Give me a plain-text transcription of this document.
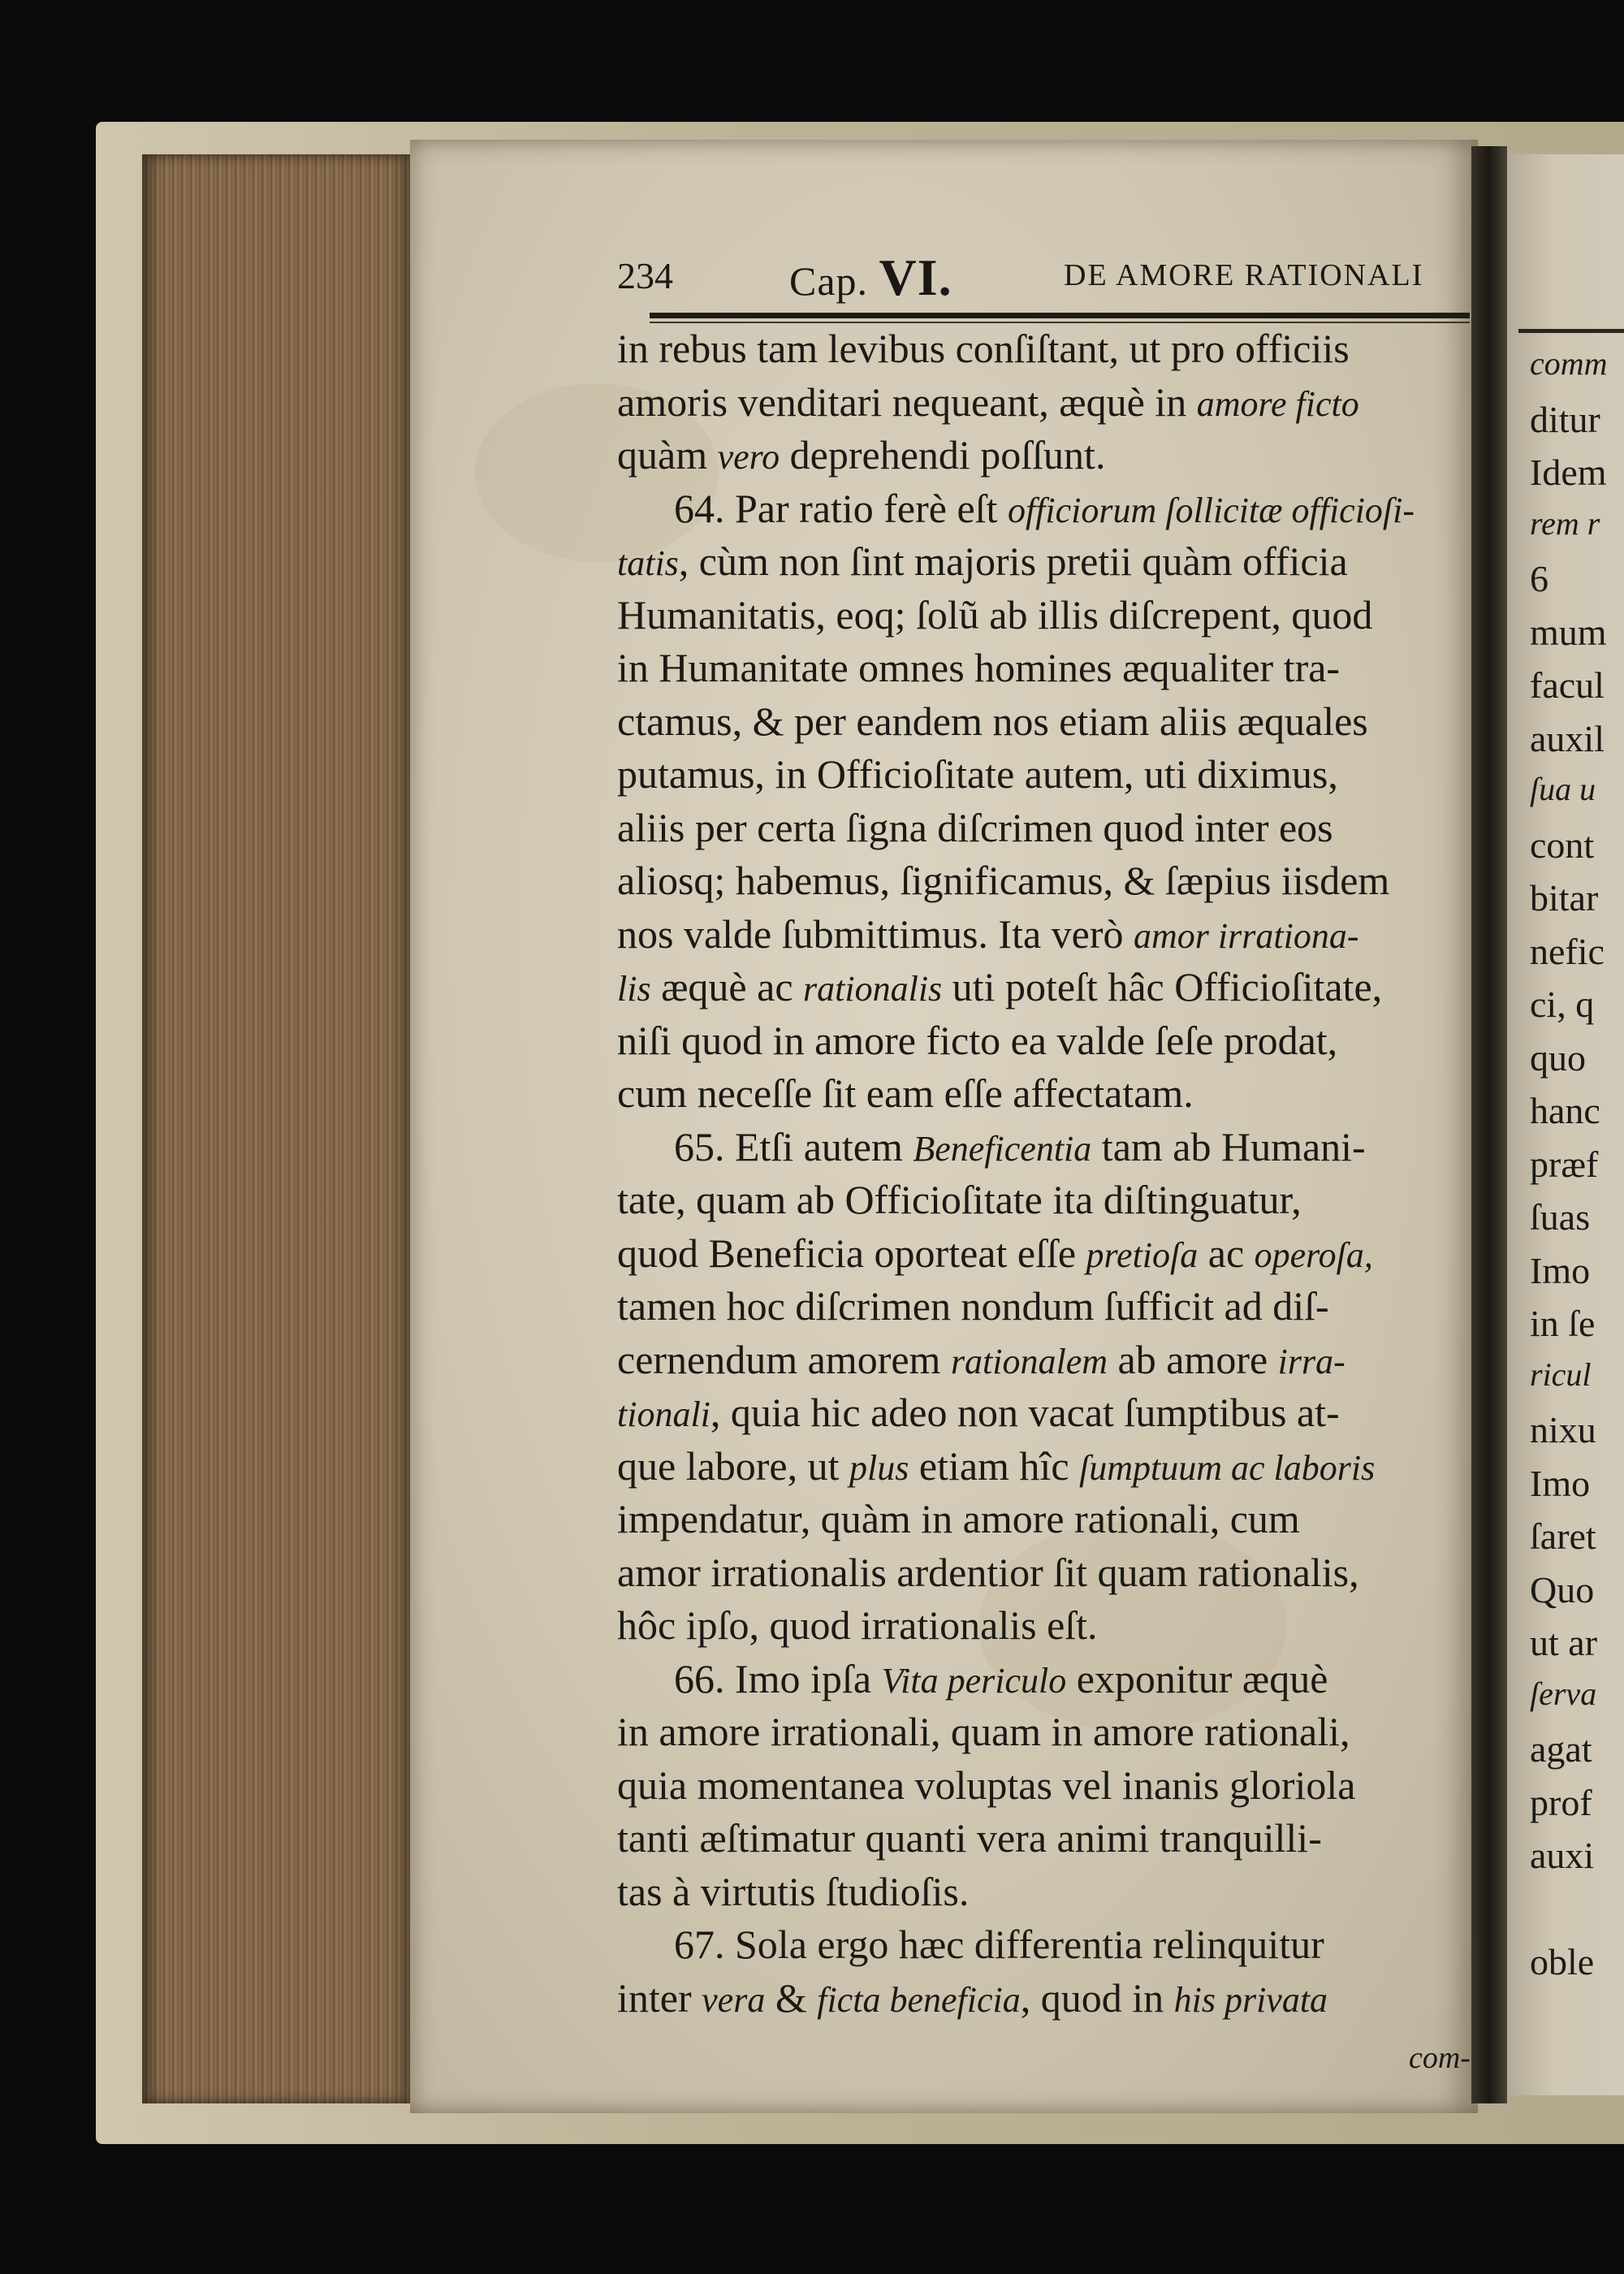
comm
ditur
Idem
rem r
6
mum
facul
auxil
ſua u
cont
bitar
nefic
ci, q
quo
hanc
præf
ſuas
Imo
in ſe
ricul
nixu
Imo
ſaret
Quo
ut ar
ſerva
agat
prof
auxi
oble
234	Cap. VI.	DE AMORE RATIONALI
in rebus tam levibus conſiſtant, ut pro officiis
amoris venditari nequeant, æquè in amore ficto
quàm vero deprehendi poſſunt.
64. Par ratio ferè eſt officiorum ſollicitæ officioſi-
tatis, cùm non ſint majoris pretii quàm officia
Humanitatis, eoq; ſolũ ab illis diſcrepent, quod
in Humanitate omnes homines æqualiter tra-
ctamus, & per eandem nos etiam aliis æquales
putamus, in Officioſitate autem, uti diximus,
aliis per certa ſigna diſcrimen quod inter eos
aliosq; habemus, ſignificamus, & ſæpius iisdem
nos valde ſubmittimus. Ita verò amor irrationa-
lis æquè ac rationalis uti poteſt hâc Officioſitate,
niſi quod in amore ficto ea valde ſeſe prodat,
cum neceſſe ſit eam eſſe affectatam.
65. Etſi autem Beneficentia tam ab Humani-
tate, quam ab Officioſitate ita diſtinguatur,
quod Beneficia oporteat eſſe pretioſa ac operoſa,
tamen hoc diſcrimen nondum ſufficit ad diſ-
cernendum amorem rationalem ab amore irra-
tionali, quia hic adeo non vacat ſumptibus at-
que labore, ut plus etiam hîc ſumptuum ac laboris
impendatur, quàm in amore rationali, cum
amor irrationalis ardentior ſit quam rationalis,
hôc ipſo, quod irrationalis eſt.
66. Imo ipſa Vita periculo exponitur æquè
in amore irrationali, quam in amore rationali,
quia momentanea voluptas vel inanis gloriola
tanti æſtimatur quanti vera animi tranquilli-
tas à virtutis ſtudioſis.
67. Sola ergo hæc differentia relinquitur
inter vera & ficta beneficia, quod in his privata
com-
